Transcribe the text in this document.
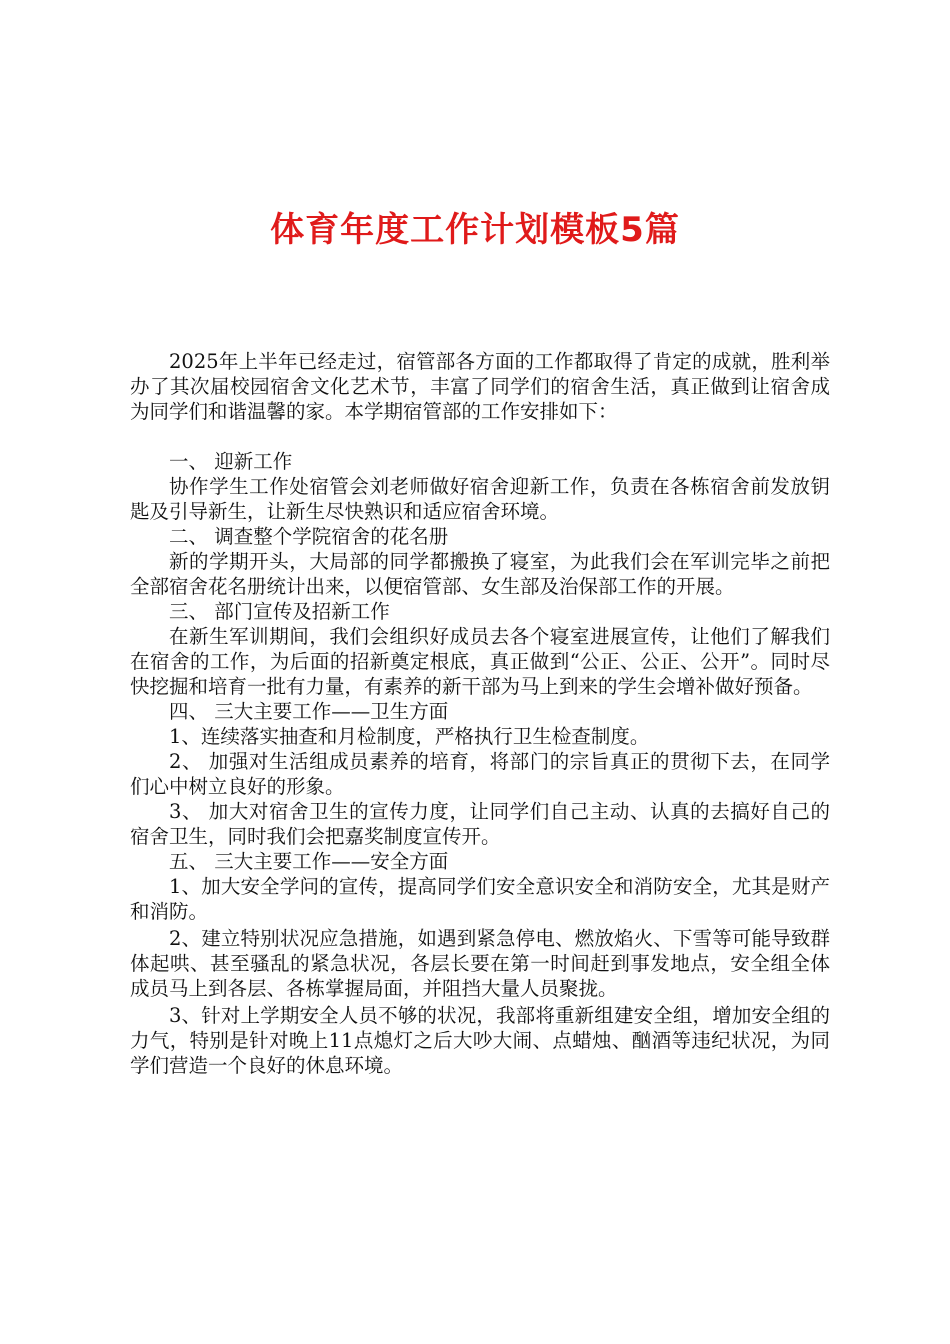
体育年度工作计划模板5篇

2025年上半年已经走过，宿管部各方面的工作都取得了肯定的成就，胜利举办了其次届校园宿舍文化艺术节，丰富了同学们的宿舍生活，真正做到让宿舍成为同学们和谐温馨的家。本学期宿管部的工作安排如下：

一、 迎新工作

协作学生工作处宿管会刘老师做好宿舍迎新工作，负责在各栋宿舍前发放钥匙及引导新生，让新生尽快熟识和适应宿舍环境。

二、 调查整个学院宿舍的花名册

新的学期开头，大局部的同学都搬换了寝室，为此我们会在军训完毕之前把全部宿舍花名册统计出来，以便宿管部、女生部及治保部工作的开展。

三、 部门宣传及招新工作

在新生军训期间，我们会组织好成员去各个寝室进展宣传，让他们了解我们在宿舍的工作，为后面的招新奠定根底，真正做到“公正、公正、公开”。同时尽快挖掘和培育一批有力量，有素养的新干部为马上到来的学生会增补做好预备。

四、 三大主要工作——卫生方面

1、连续落实抽查和月检制度，严格执行卫生检查制度。

2、 加强对生活组成员素养的培育，将部门的宗旨真正的贯彻下去，在同学们心中树立良好的形象。

3、 加大对宿舍卫生的宣传力度，让同学们自己主动、认真的去搞好自己的宿舍卫生，同时我们会把嘉奖制度宣传开。

五、 三大主要工作——安全方面

1、加大安全学问的宣传，提高同学们安全意识安全和消防安全，尤其是财产和消防。

2、建立特别状况应急措施，如遇到紧急停电、燃放焰火、下雪等可能导致群体起哄、甚至骚乱的紧急状况，各层长要在第一时间赶到事发地点，安全组全体成员马上到各层、各栋掌握局面，并阻挡大量人员聚拢。

3、针对上学期安全人员不够的状况，我部将重新组建安全组，增加安全组的力气，特别是针对晚上11点熄灯之后大吵大闹、点蜡烛、酗酒等违纪状况，为同学们营造一个良好的休息环境。
